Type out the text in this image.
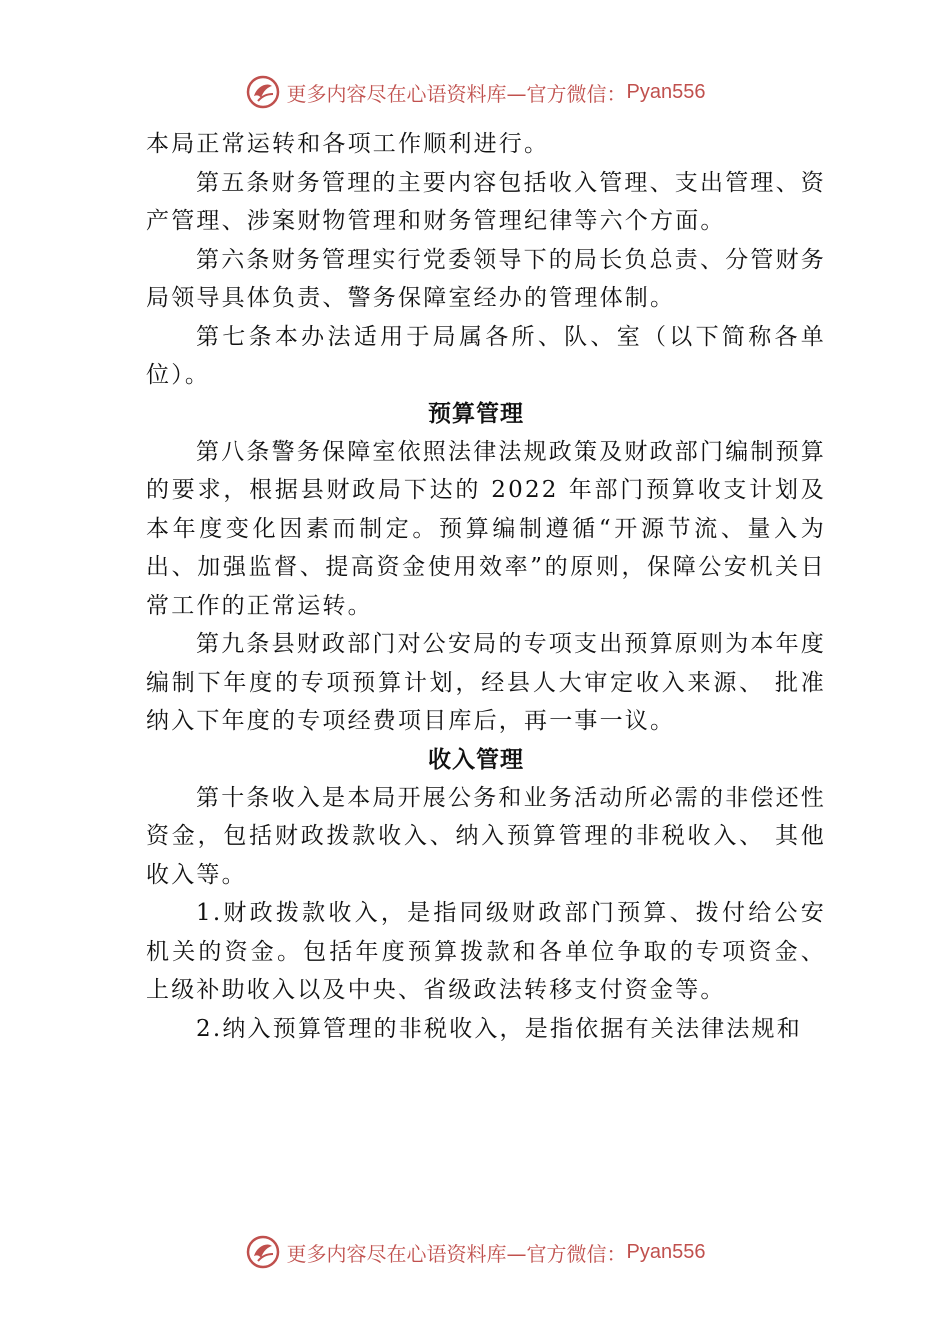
更多内容尽在心语资料库—官方微信： Pyan556

本局正常运转和各项工作顺利进行。

第五条财务管理的主要内容包括收入管理、支出管理、资产管理、涉案财物管理和财务管理纪律等六个方面。

第六条财务管理实行党委领导下的局长负总责、分管财务局领导具体负责、警务保障室经办的管理体制。

第七条本办法适用于局属各所、队、室（以下简称各单位）。

预算管理

第八条警务保障室依照法律法规政策及财政部门编制预算的要求，根据县财政局下达的 2022 年部门预算收支计划及本年度变化因素而制定。预算编制遵循“开源节流、量入为出、加强监督、提高资金使用效率”的原则，保障公安机关日常工作的正常运转。

第九条县财政部门对公安局的专项支出预算原则为本年度编制下年度的专项预算计划，经县人大审定收入来源、 批准纳入下年度的专项经费项目库后，再一事一议。

收入管理

第十条收入是本局开展公务和业务活动所必需的非偿还性资金，包括财政拨款收入、纳入预算管理的非税收入、 其他收入等。

1.财政拨款收入，是指同级财政部门预算、拨付给公安机关的资金。包括年度预算拨款和各单位争取的专项资金、 上级补助收入以及中央、省级政法转移支付资金等。

2.纳入预算管理的非税收入，是指依据有关法律法规和

更多内容尽在心语资料库—官方微信： Pyan556
